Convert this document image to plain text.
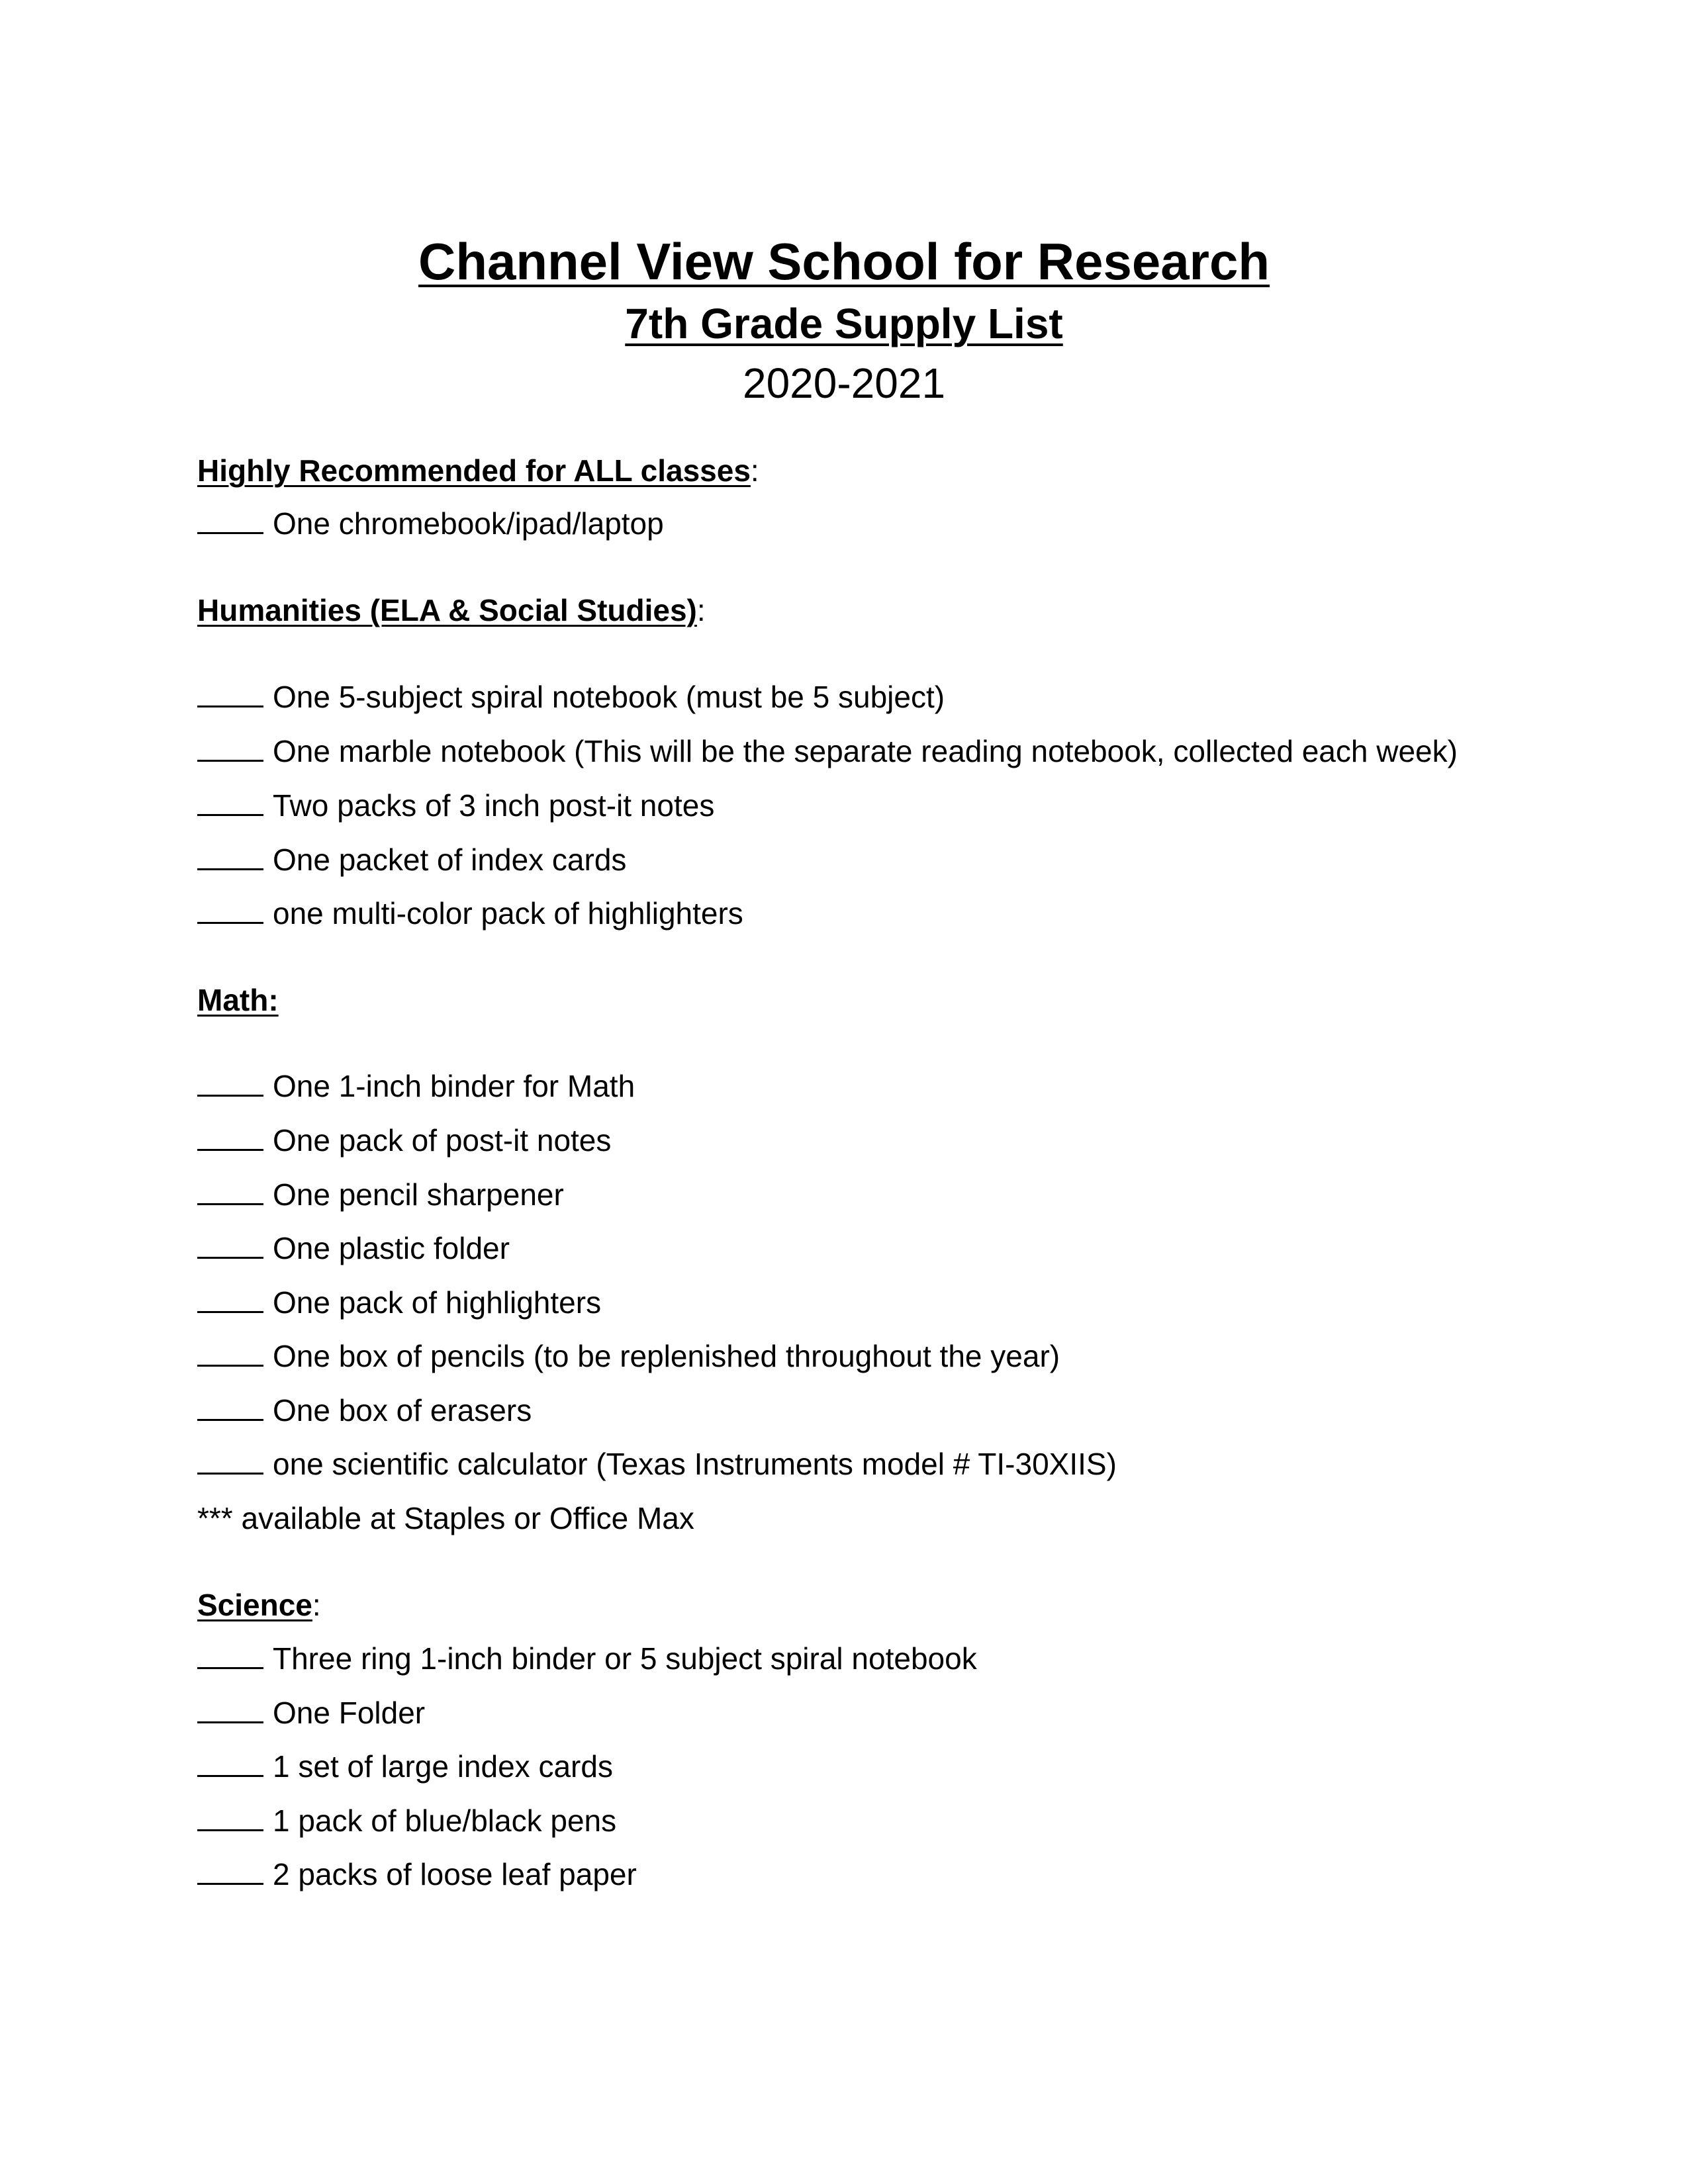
Channel View School for Research
7th Grade Supply List
2020-2021
Highly Recommended for ALL classes:
One chromebook/ipad/laptop
Humanities (ELA & Social Studies):
One 5-subject spiral notebook (must be 5 subject)
One marble notebook (This will be the separate reading notebook, collected each week)
Two packs of 3 inch post-it notes
One packet of index cards
one multi-color pack of highlighters
Math:
One 1-inch binder for Math
One pack of post-it notes
One pencil sharpener
One plastic folder
One pack of highlighters
One box of pencils (to be replenished throughout the year)
One box of erasers
one scientific calculator (Texas Instruments model # TI-30XIIS)
*** available at Staples or Office Max
Science:
Three ring 1-inch binder or 5 subject spiral notebook
One Folder
1 set of large index cards
1 pack of blue/black pens
2 packs of loose leaf paper
